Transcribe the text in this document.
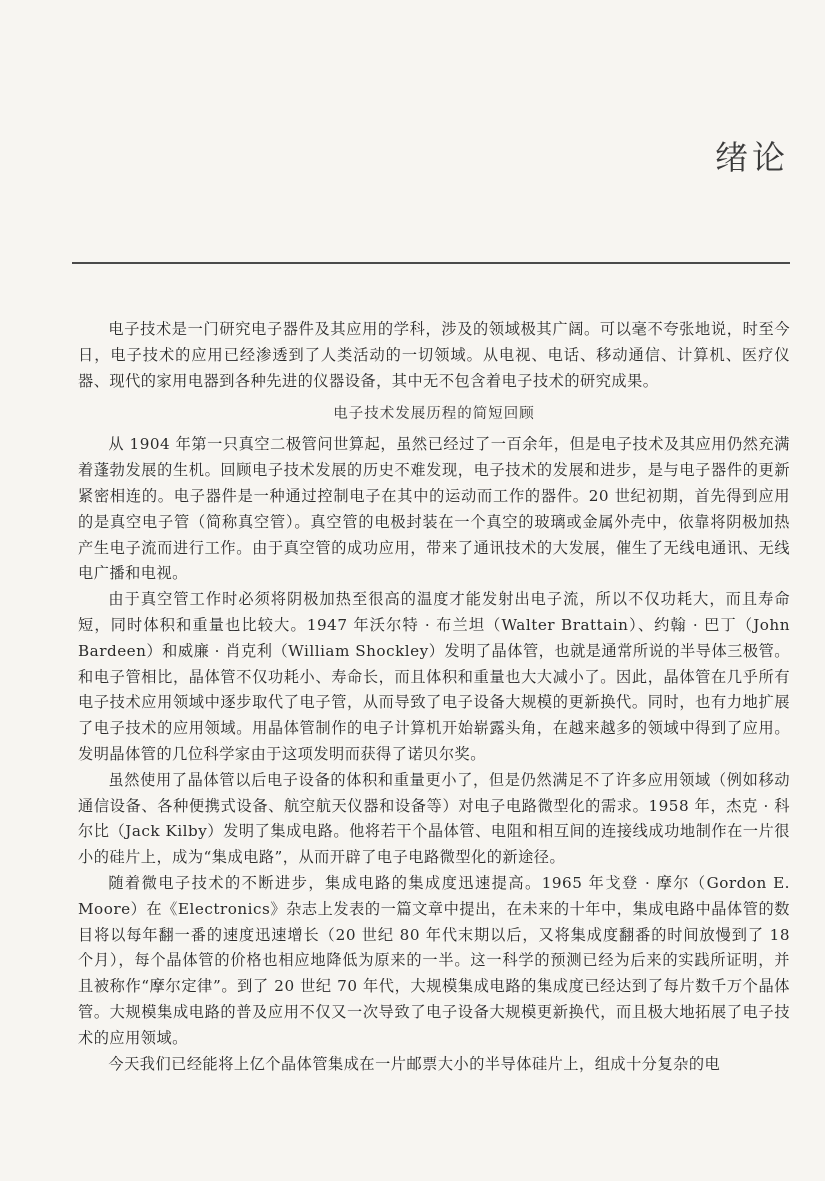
绪论

电子技术是一门研究电子器件及其应用的学科，涉及的领域极其广阔。可以毫不夸张地说，时至今日，电子技术的应用已经渗透到了人类活动的一切领域。从电视、电话、移动通信、计算机、医疗仪器、现代的家用电器到各种先进的仪器设备，其中无不包含着电子技术的研究成果。

电子技术发展历程的简短回顾

从 1904 年第一只真空二极管问世算起，虽然已经过了一百余年，但是电子技术及其应用仍然充满着蓬勃发展的生机。回顾电子技术发展的历史不难发现，电子技术的发展和进步，是与电子器件的更新紧密相连的。电子器件是一种通过控制电子在其中的运动而工作的器件。20 世纪初期，首先得到应用的是真空电子管（简称真空管）。真空管的电极封装在一个真空的玻璃或金属外壳中，依靠将阴极加热产生电子流而进行工作。由于真空管的成功应用，带来了通讯技术的大发展，催生了无线电通讯、无线电广播和电视。

由于真空管工作时必须将阴极加热至很高的温度才能发射出电子流，所以不仅功耗大，而且寿命短，同时体积和重量也比较大。1947 年沃尔特 · 布兰坦（Walter Brattain）、约翰 · 巴丁（John Bardeen）和威廉 · 肖克利（William Shockley）发明了晶体管，也就是通常所说的半导体三极管。和电子管相比，晶体管不仅功耗小、寿命长，而且体积和重量也大大减小了。因此，晶体管在几乎所有电子技术应用领域中逐步取代了电子管，从而导致了电子设备大规模的更新换代。同时，也有力地扩展了电子技术的应用领域。用晶体管制作的电子计算机开始崭露头角，在越来越多的领域中得到了应用。发明晶体管的几位科学家由于这项发明而获得了诺贝尔奖。

虽然使用了晶体管以后电子设备的体积和重量更小了，但是仍然满足不了许多应用领域（例如移动通信设备、各种便携式设备、航空航天仪器和设备等）对电子电路微型化的需求。1958 年，杰克 · 科尔比（Jack Kilby）发明了集成电路。他将若干个晶体管、电阻和相互间的连接线成功地制作在一片很小的硅片上，成为“集成电路”，从而开辟了电子电路微型化的新途径。

随着微电子技术的不断进步，集成电路的集成度迅速提高。1965 年戈登 · 摩尔（Gordon E. Moore）在《Electronics》杂志上发表的一篇文章中提出，在未来的十年中，集成电路中晶体管的数目将以每年翻一番的速度迅速增长（20 世纪 80 年代末期以后，又将集成度翻番的时间放慢到了 18 个月），每个晶体管的价格也相应地降低为原来的一半。这一科学的预测已经为后来的实践所证明，并且被称作“摩尔定律”。到了 20 世纪 70 年代，大规模集成电路的集成度已经达到了每片数千万个晶体管。大规模集成电路的普及应用不仅又一次导致了电子设备大规模更新换代，而且极大地拓展了电子技术的应用领域。

今天我们已经能将上亿个晶体管集成在一片邮票大小的半导体硅片上，组成十分复杂的电
